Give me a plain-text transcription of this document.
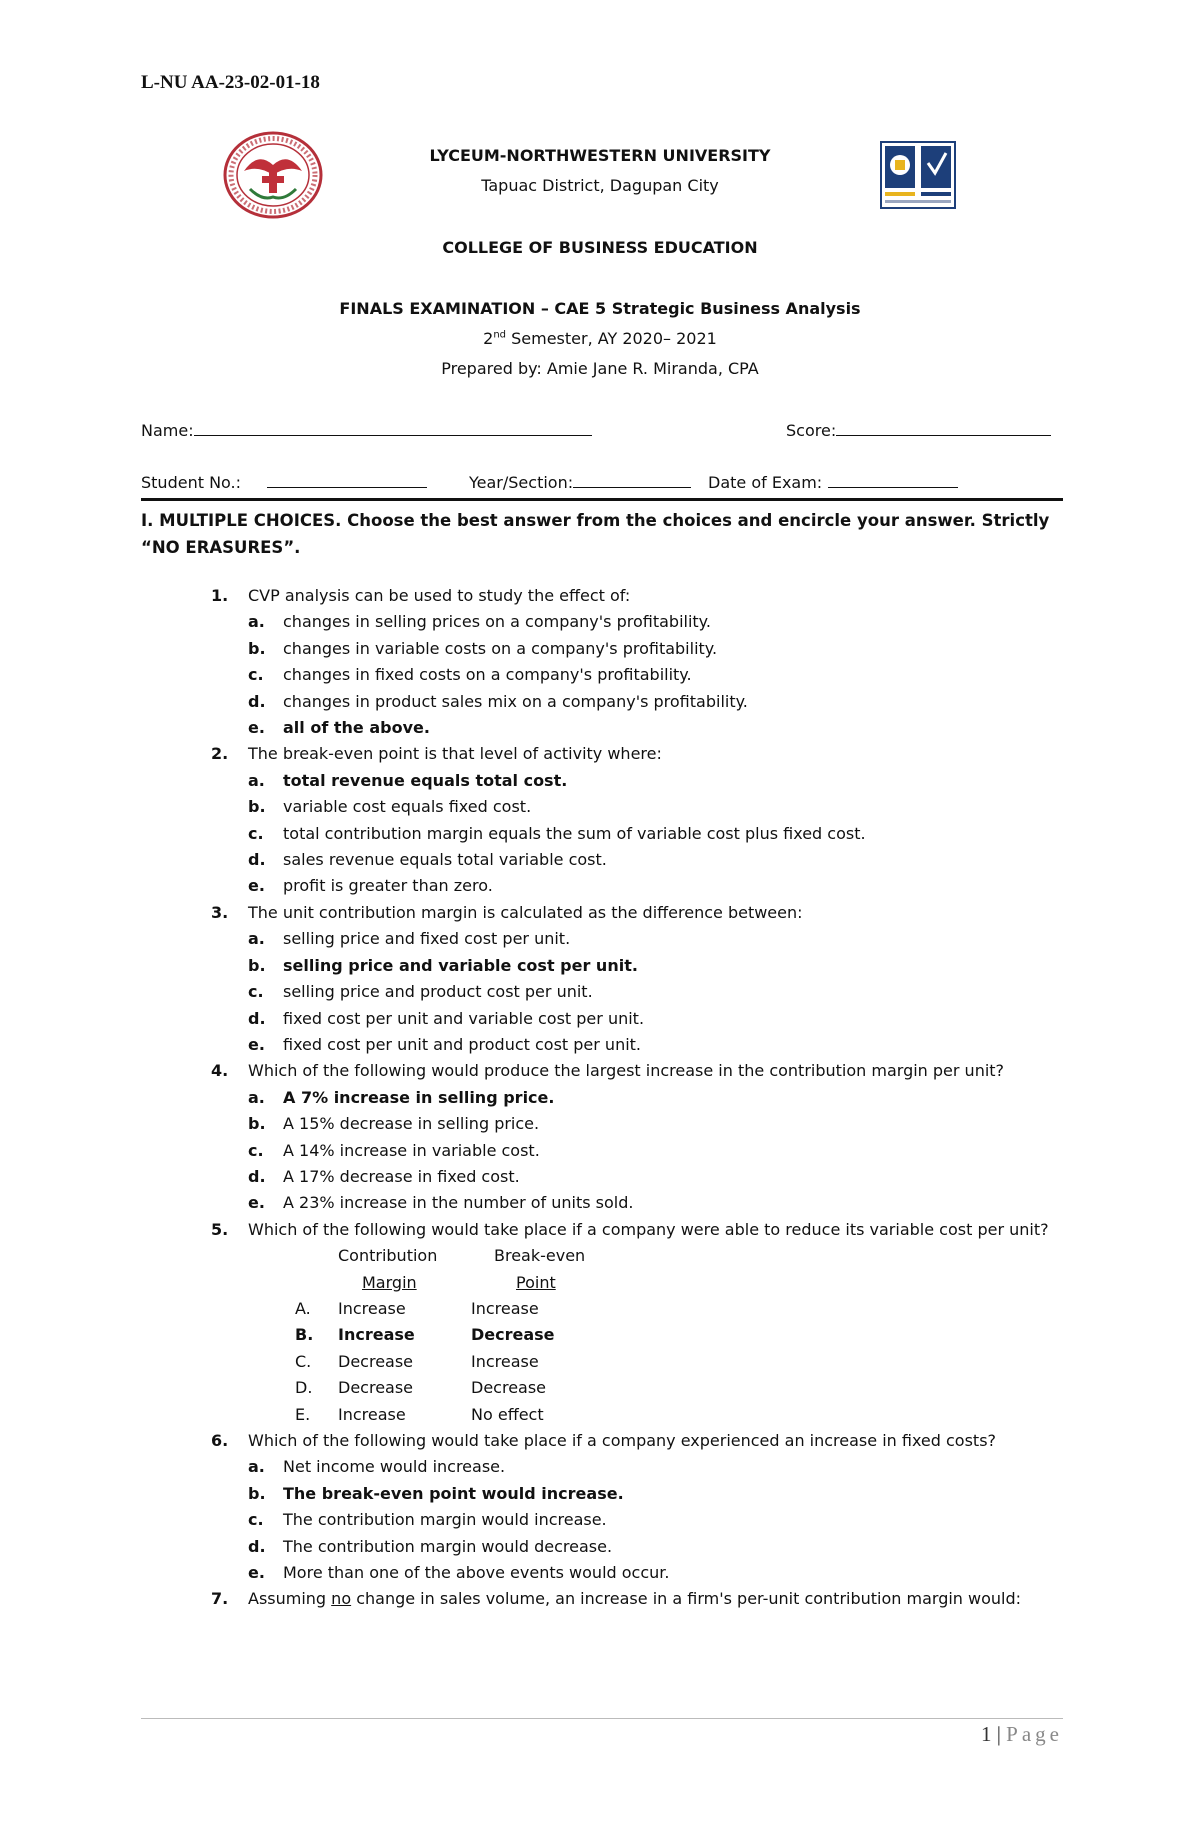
L-NU AA-23-02-01-18
LYCEUM-NORTHWESTERN UNIVERSITY
Tapuac District, Dagupan City
COLLEGE OF BUSINESS EDUCATION
FINALS EXAMINATION – CAE 5 Strategic Business Analysis
2nd Semester, AY 2020– 2021
Prepared by: Amie Jane R. Miranda, CPA
Name:	Score:
Student No.:	Year/Section:	Date of Exam:
I. MULTIPLE CHOICES. Choose the best answer from the choices and encircle your answer. Strictly “NO ERASURES”.
1. CVP analysis can be used to study the effect of:
a. changes in selling prices on a company's profitability.
b. changes in variable costs on a company's profitability.
c. changes in fixed costs on a company's profitability.
d. changes in product sales mix on a company's profitability.
e. all of the above.
2. The break-even point is that level of activity where:
a. total revenue equals total cost.
b. variable cost equals fixed cost.
c. total contribution margin equals the sum of variable cost plus fixed cost.
d. sales revenue equals total variable cost.
e. profit is greater than zero.
3. The unit contribution margin is calculated as the difference between:
a. selling price and fixed cost per unit.
b. selling price and variable cost per unit.
c. selling price and product cost per unit.
d. fixed cost per unit and variable cost per unit.
e. fixed cost per unit and product cost per unit.
4. Which of the following would produce the largest increase in the contribution margin per unit?
a. A 7% increase in selling price.
b. A 15% decrease in selling price.
c. A 14% increase in variable cost.
d. A 17% decrease in fixed cost.
e. A 23% increase in the number of units sold.
5. Which of the following would take place if a company were able to reduce its variable cost per unit?
Contribution	Break-even
Margin	Point
A. Increase	Increase
B. Increase	Decrease
C. Decrease	Increase
D. Decrease	Decrease
E. Increase	No effect
6. Which of the following would take place if a company experienced an increase in fixed costs?
a. Net income would increase.
b. The break-even point would increase.
c. The contribution margin would increase.
d. The contribution margin would decrease.
e. More than one of the above events would occur.
7. Assuming no change in sales volume, an increase in a firm's per-unit contribution margin would:
1 | Page
